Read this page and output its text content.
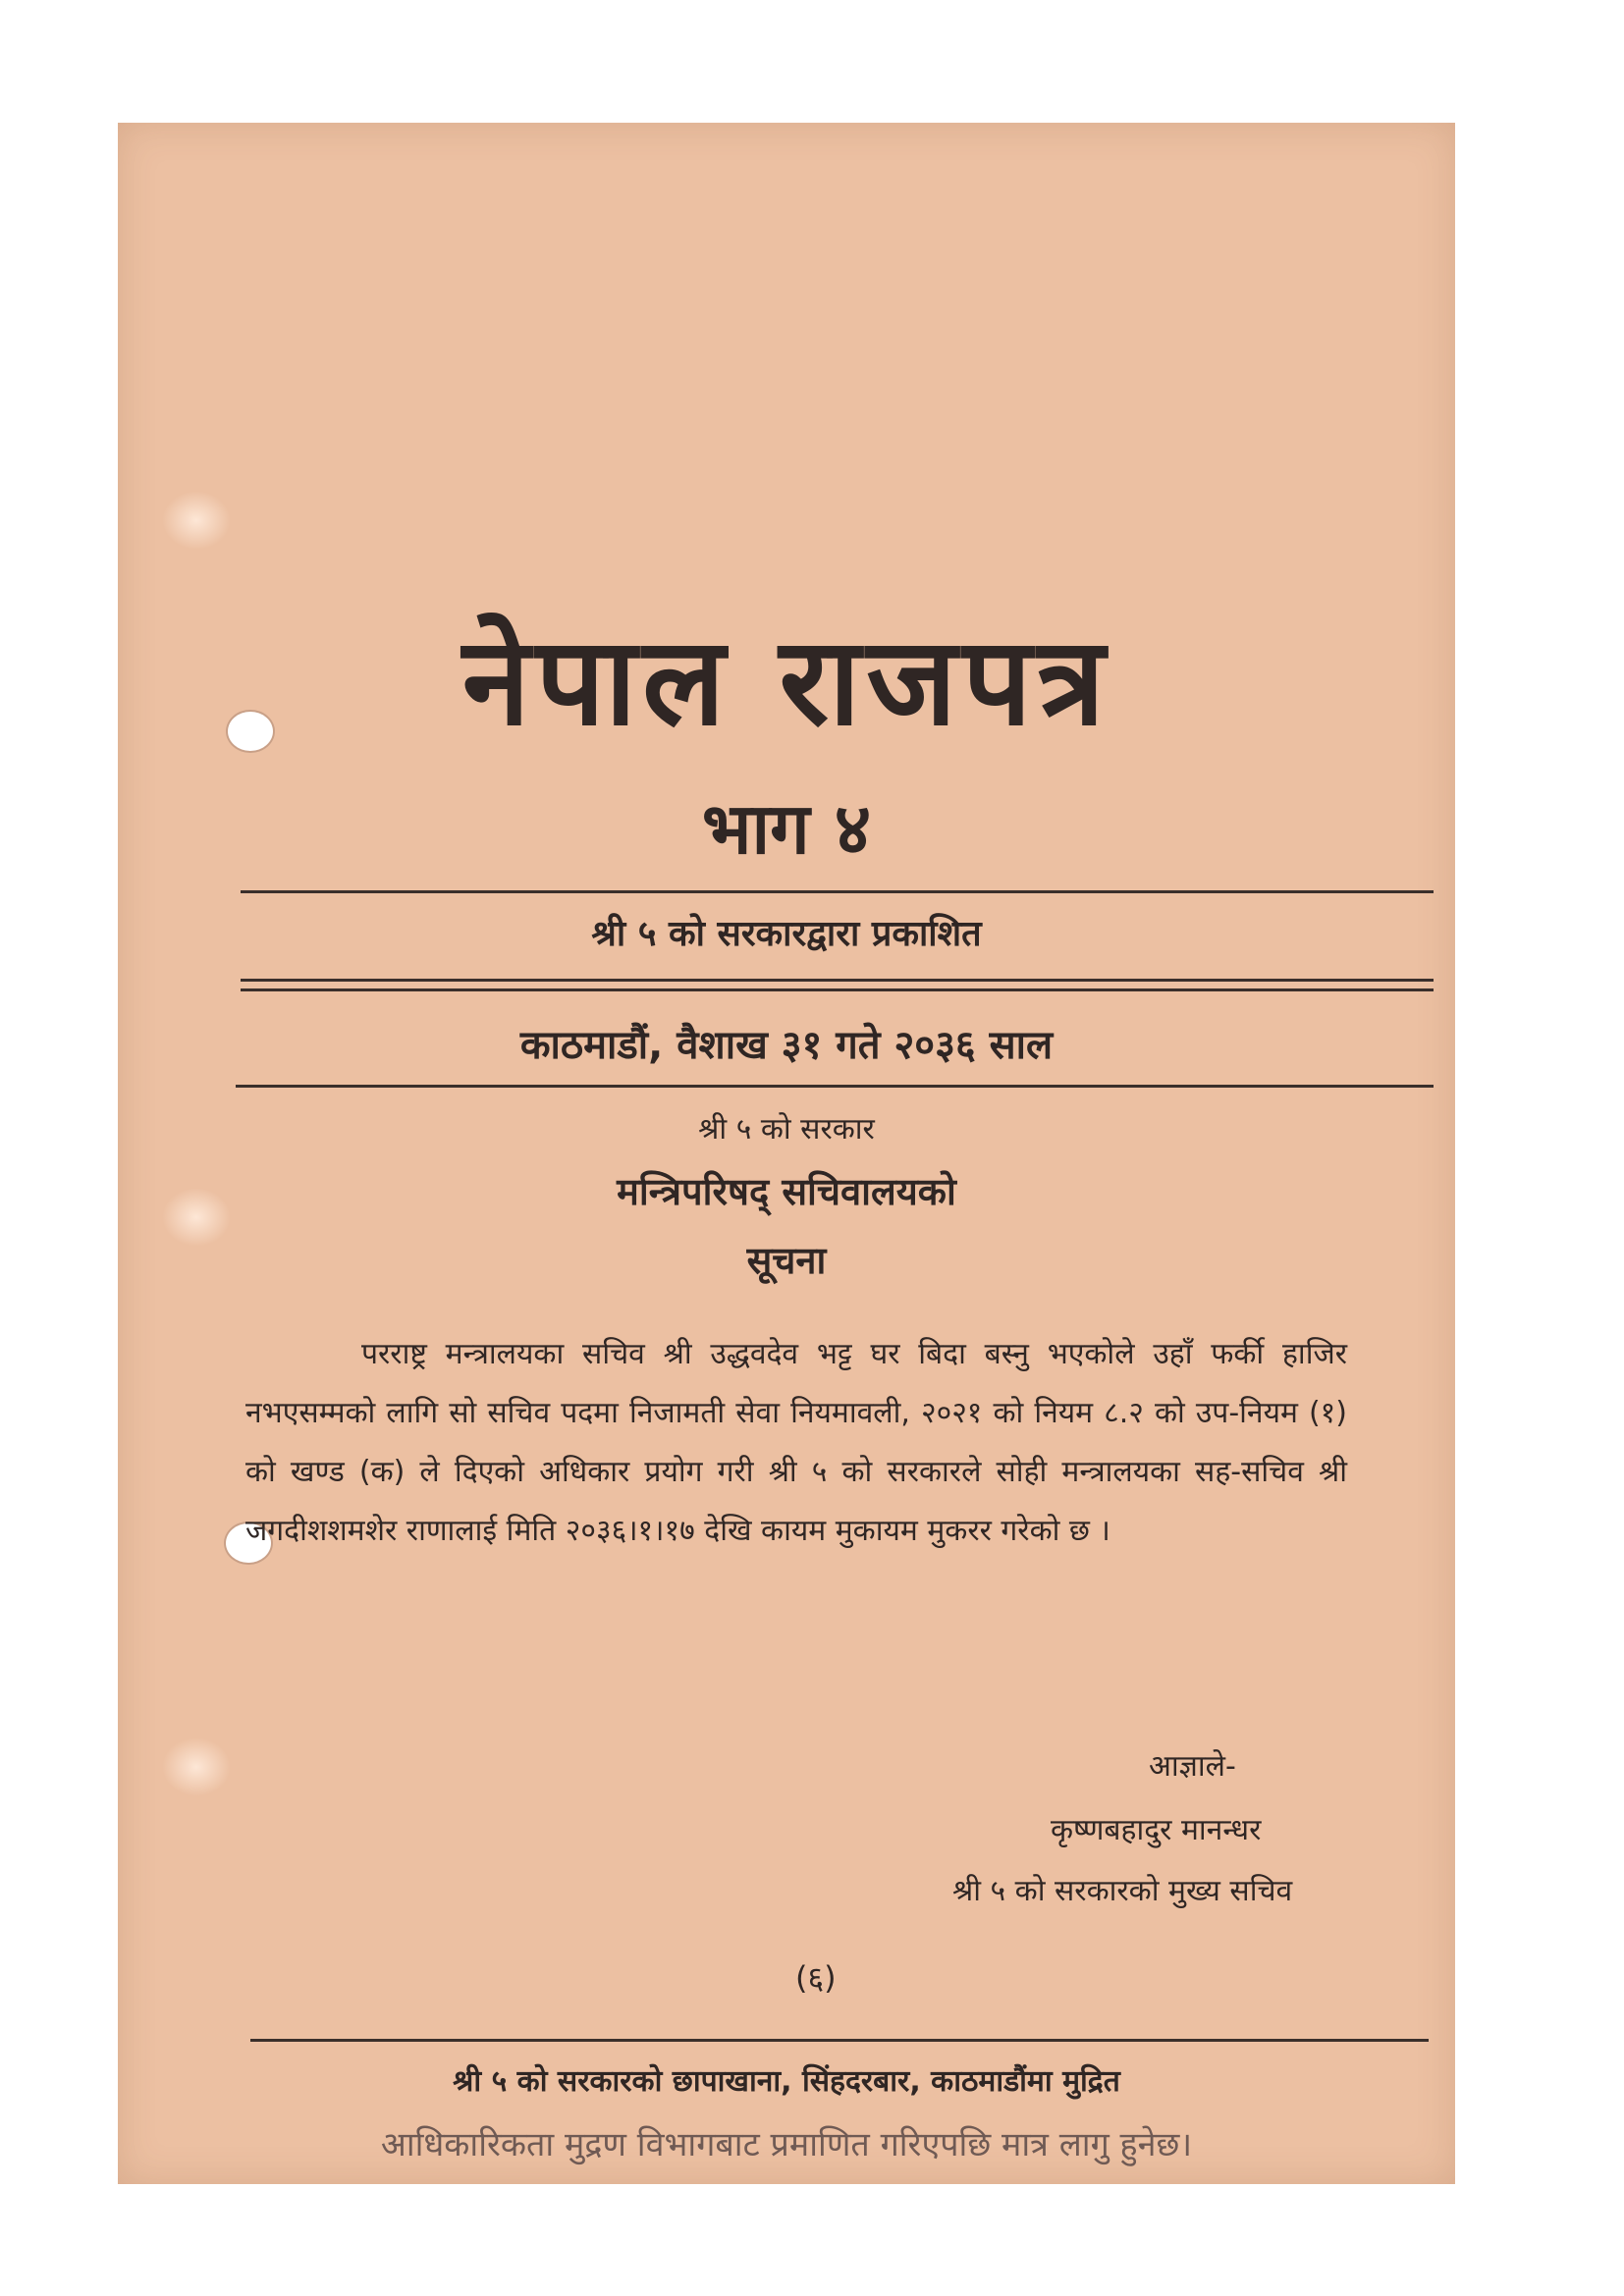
नेपाल राजपत्र
भाग ४
श्री ५ को सरकारद्वारा प्रकाशित
काठमाडौं, वैशाख ३१ गते २०३६ साल
श्री ५ को सरकार
मन्त्रिपरिषद् सचिवालयको
सूचना
परराष्ट्र मन्त्रालयका सचिव श्री उद्धवदेव भट्ट घर बिदा बस्नु भएकोले उहाँ फर्की हाजिर नभएसम्मको लागि सो सचिव पदमा निजामती सेवा नियमावली, २०२१ को नियम ८.२ को उप-नियम (१) को खण्ड (क) ले दिएको अधिकार प्रयोग गरी श्री ५ को सरकारले सोही मन्त्रालयका सह-सचिव श्री जगदीशशमशेर राणालाई मिति २०३६।१।१७ देखि कायम मुकायम मुकरर गरेको छ ।
आज्ञाले-
कृष्णबहादुर मानन्धर
श्री ५ को सरकारको मुख्य सचिव
(६)
श्री ५ को सरकारको छापाखाना, सिंहदरबार, काठमाडौंमा मुद्रित
आधिकारिकता मुद्रण विभागबाट प्रमाणित गरिएपछि मात्र लागु हुनेछ।
